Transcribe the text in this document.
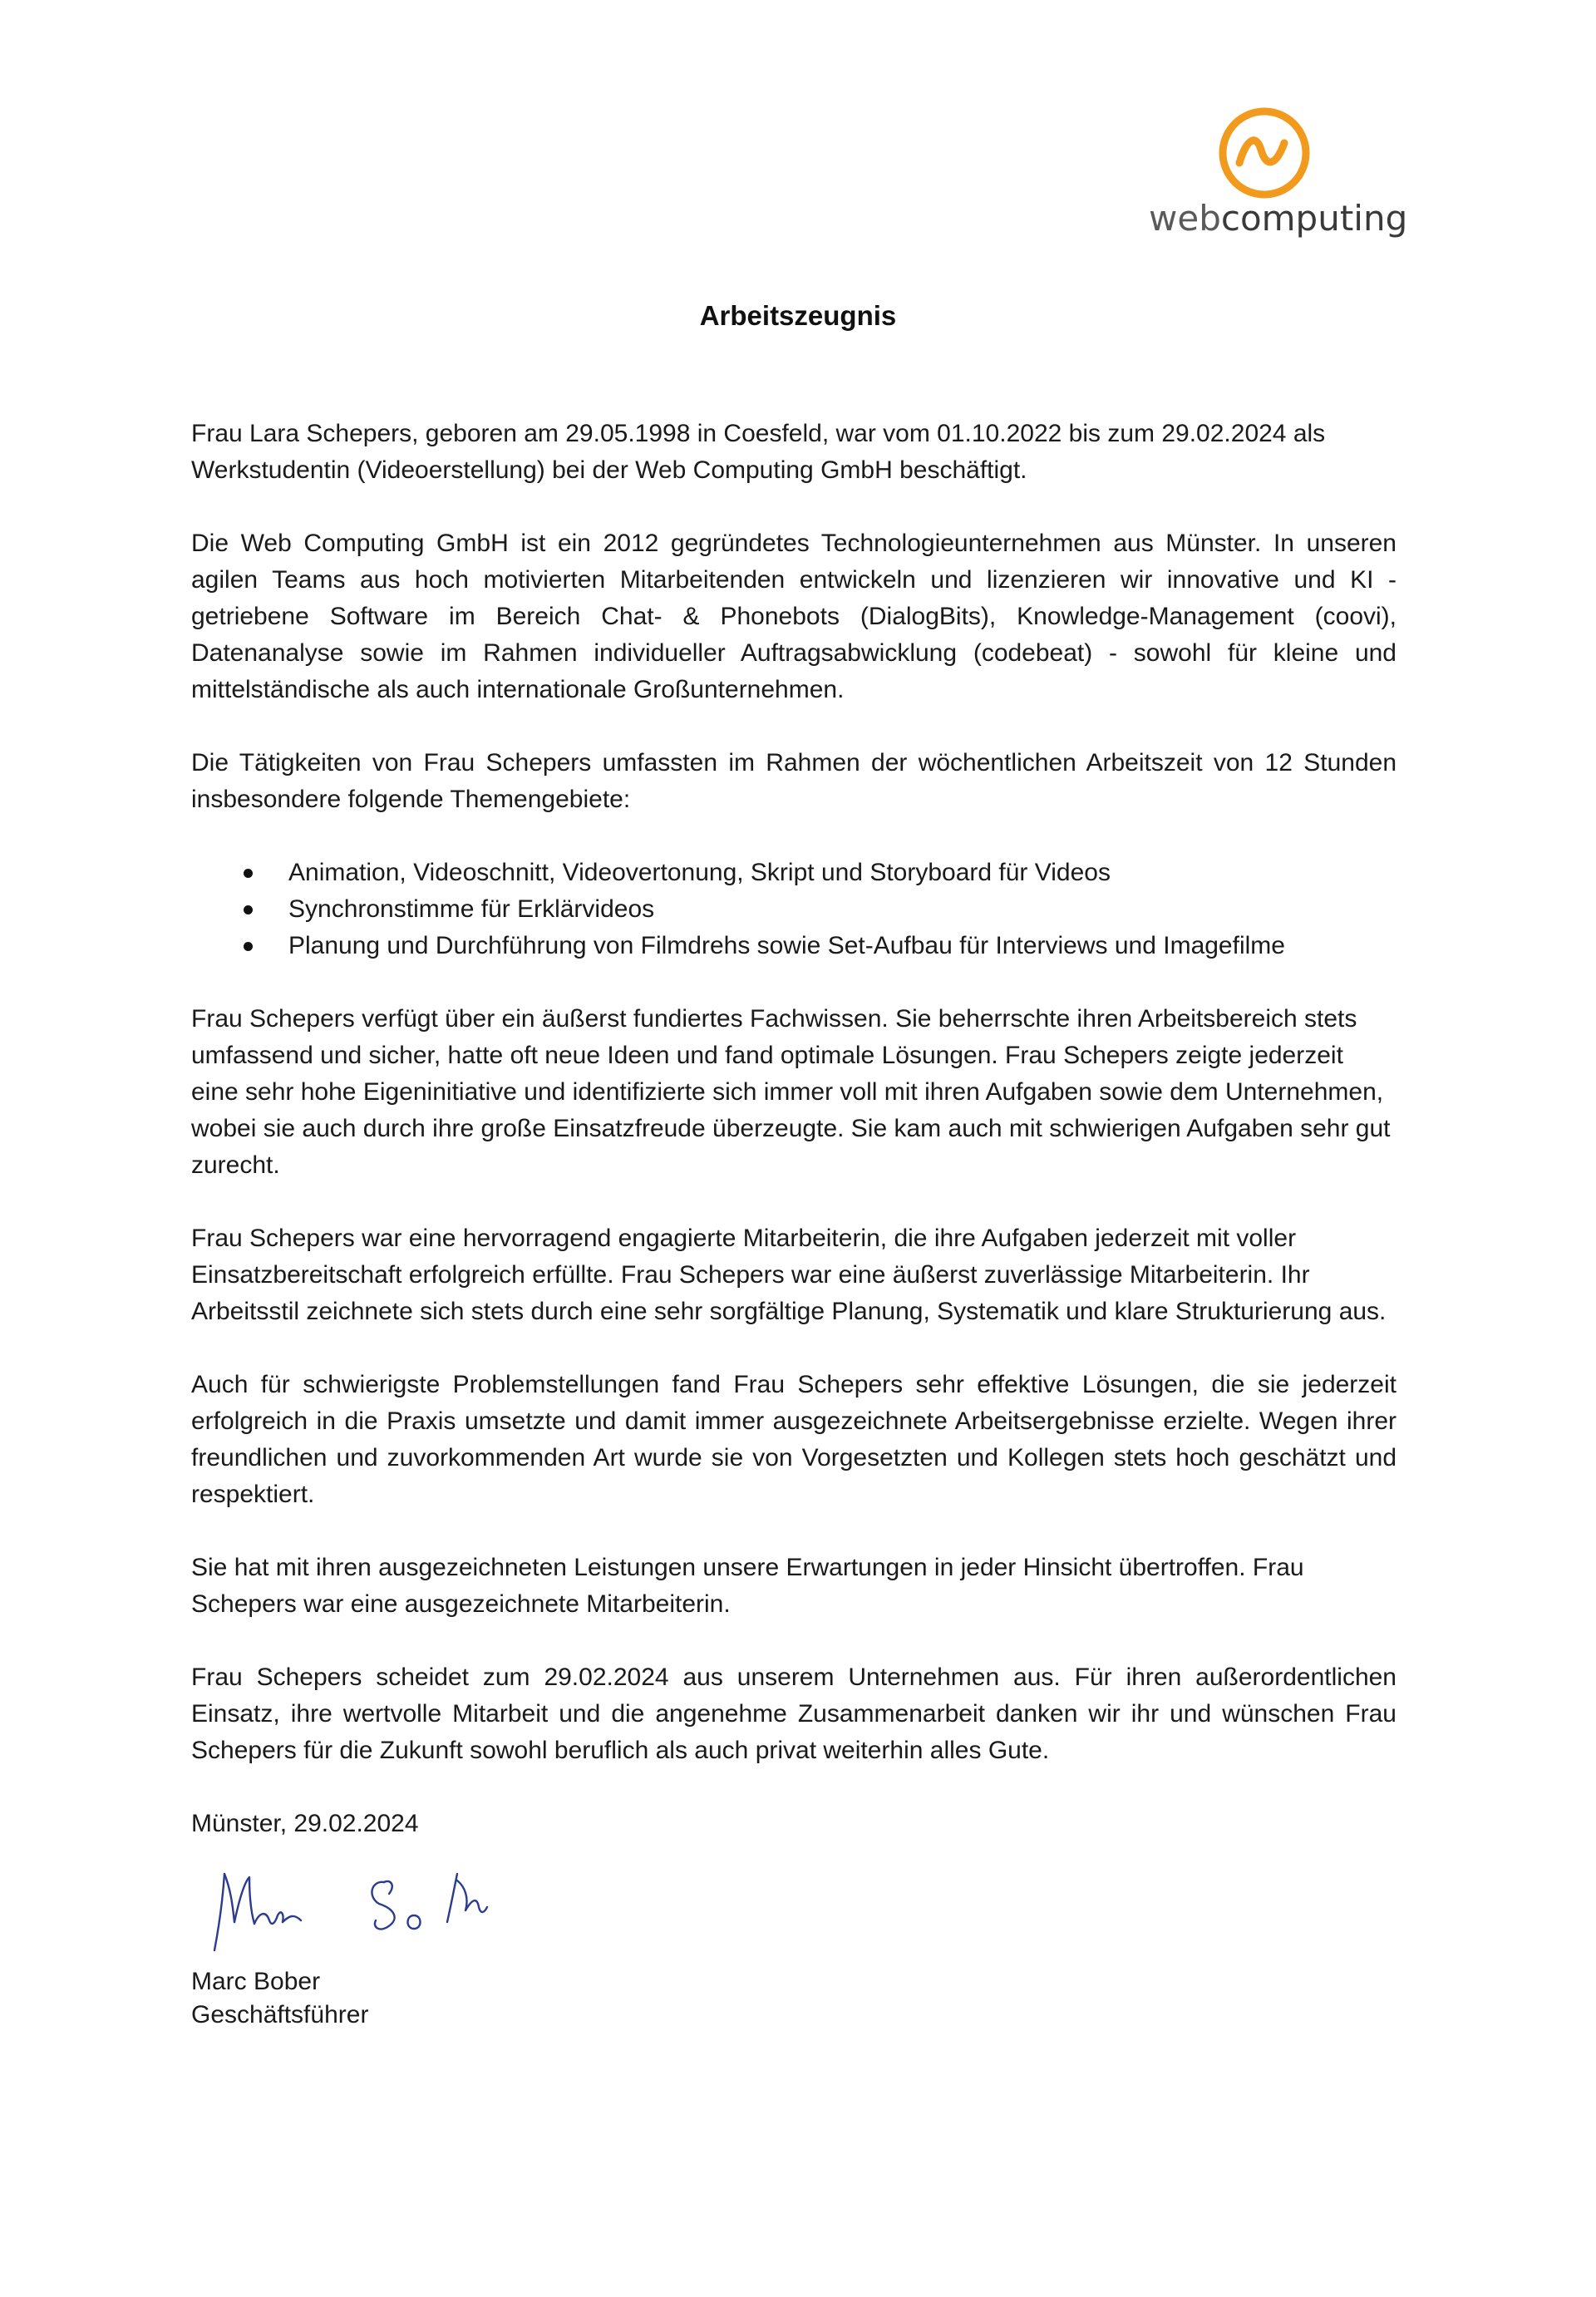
webcomputing
Arbeitszeugnis

Frau Lara Schepers, geboren am 29.05.1998 in Coesfeld, war vom 01.10.2022 bis zum 29.02.2024 als Werkstudentin (Videoerstellung) bei der Web Computing GmbH beschäftigt.

Die Web Computing GmbH ist ein 2012 gegründetes Technologieunternehmen aus Münster. In unseren agilen Teams aus hoch motivierten Mitarbeitenden entwickeln und lizenzieren wir innovative und KI - getriebene Software im Bereich Chat- & Phonebots (DialogBits), Knowledge-Management (coovi), Datenanalyse sowie im Rahmen individueller Auftragsabwicklung (codebeat) - sowohl für kleine und mittelständische als auch internationale Großunternehmen.

Die Tätigkeiten von Frau Schepers umfassten im Rahmen der wöchentlichen Arbeitszeit von 12 Stunden insbesondere folgende Themengebiete:

Animation, Videoschnitt, Videovertonung, Skript und Storyboard für Videos
Synchronstimme für Erklärvideos
Planung und Durchführung von Filmdrehs sowie Set-Aufbau für Interviews und Imagefilme

Frau Schepers verfügt über ein äußerst fundiertes Fachwissen. Sie beherrschte ihren Arbeitsbereich stets umfassend und sicher, hatte oft neue Ideen und fand optimale Lösungen. Frau Schepers zeigte jederzeit eine sehr hohe Eigeninitiative und identifizierte sich immer voll mit ihren Aufgaben sowie dem Unternehmen, wobei sie auch durch ihre große Einsatzfreude überzeugte. Sie kam auch mit schwierigen Aufgaben sehr gut zurecht.

Frau Schepers war eine hervorragend engagierte Mitarbeiterin, die ihre Aufgaben jederzeit mit voller Einsatzbereitschaft erfolgreich erfüllte. Frau Schepers war eine äußerst zuverlässige Mitarbeiterin. Ihr Arbeitsstil zeichnete sich stets durch eine sehr sorgfältige Planung, Systematik und klare Strukturierung aus.

Auch für schwierigste Problemstellungen fand Frau Schepers sehr effektive Lösungen, die sie jederzeit erfolgreich in die Praxis umsetzte und damit immer ausgezeichnete Arbeitsergebnisse erzielte. Wegen ihrer freundlichen und zuvorkommenden Art wurde sie von Vorgesetzten und Kollegen stets hoch geschätzt und respektiert.

Sie hat mit ihren ausgezeichneten Leistungen unsere Erwartungen in jeder Hinsicht übertroffen. Frau Schepers war eine ausgezeichnete Mitarbeiterin.

Frau Schepers scheidet zum 29.02.2024 aus unserem Unternehmen aus. Für ihren außerordentlichen Einsatz, ihre wertvolle Mitarbeit und die angenehme Zusammenarbeit danken wir ihr und wünschen Frau Schepers für die Zukunft sowohl beruflich als auch privat weiterhin alles Gute.

Münster, 29.02.2024

Marc Bober

Geschäftsführer
